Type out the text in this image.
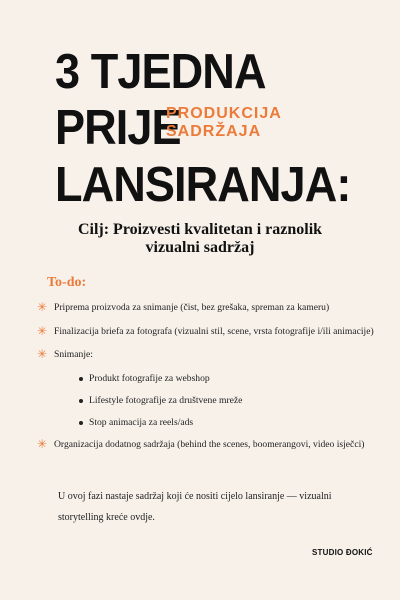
3 TJEDNA
PRIJE
LANSIRANJA:
PRODUKCIJA
SADRŽAJA
Cilj: Proizvesti kvalitetan i raznolik vizualni sadržaj
To-do:
✳ Priprema proizvoda za snimanje (čist, bez grešaka, spreman za kameru)
✳ Finalizacija briefa za fotografa (vizualni stil, scene, vrsta fotografije i/ili animacije)
✳ Snimanje:
Produkt fotografije za webshop
Lifestyle fotografije za društvene mreže
Stop animacija za reels/ads
✳ Organizacija dodatnog sadržaja (behind the scenes, boomerangovi, video isječci)
U ovoj fazi nastaje sadržaj koji će nositi cijelo lansiranje — vizualni storytelling kreće ovdje.
STUDIO ĐOKIĆ
